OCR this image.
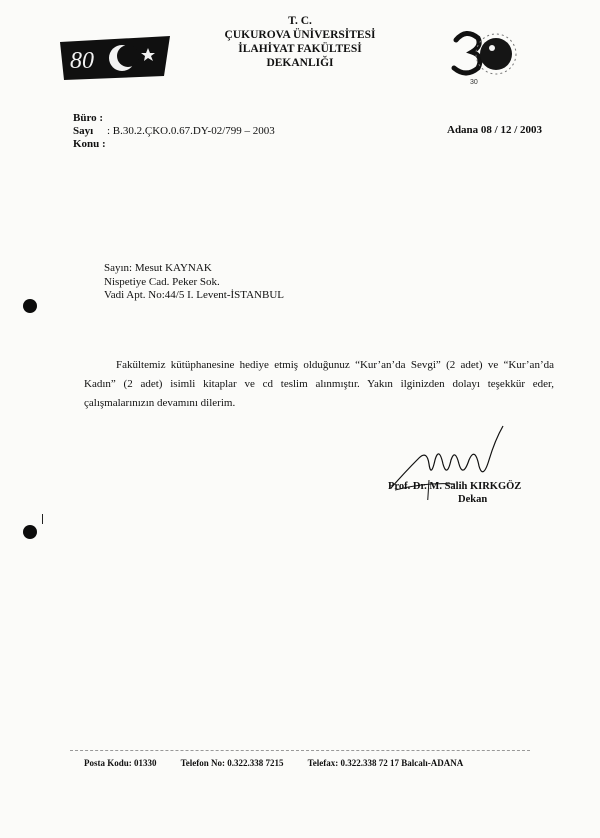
T. C.
ÇUKUROVA ÜNİVERSİTESİ
İLAHİYAT FAKÜLTESİ
DEKANLIĞI
80
30
Büro :
Sayı : B.30.2.ÇKO.0.67.DY-02/799 – 2003
Konu :
Adana 08 / 12 / 2003
Sayın: Mesut KAYNAK
Nispetiye Cad. Peker Sok.
Vadi Apt. No:44/5 I. Levent-İSTANBUL

Fakültemiz kütüphanesine hediye etmiş olduğunuz “Kur’an’da Sevgi” (2 adet) ve “Kur’an’da Kadın” (2 adet) isimli kitaplar ve cd teslim alınmıştır. Yakın ilginizden dolayı teşekkür eder, çalışmalarınızın devamını dilerim.

Prof. Dr. M. Salih KIRKGÖZ
Dekan
Posta Kodu: 01330	Telefon No: 0.322.338 7215	Telefax: 0.322.338 72 17 Balcalı-ADANA
